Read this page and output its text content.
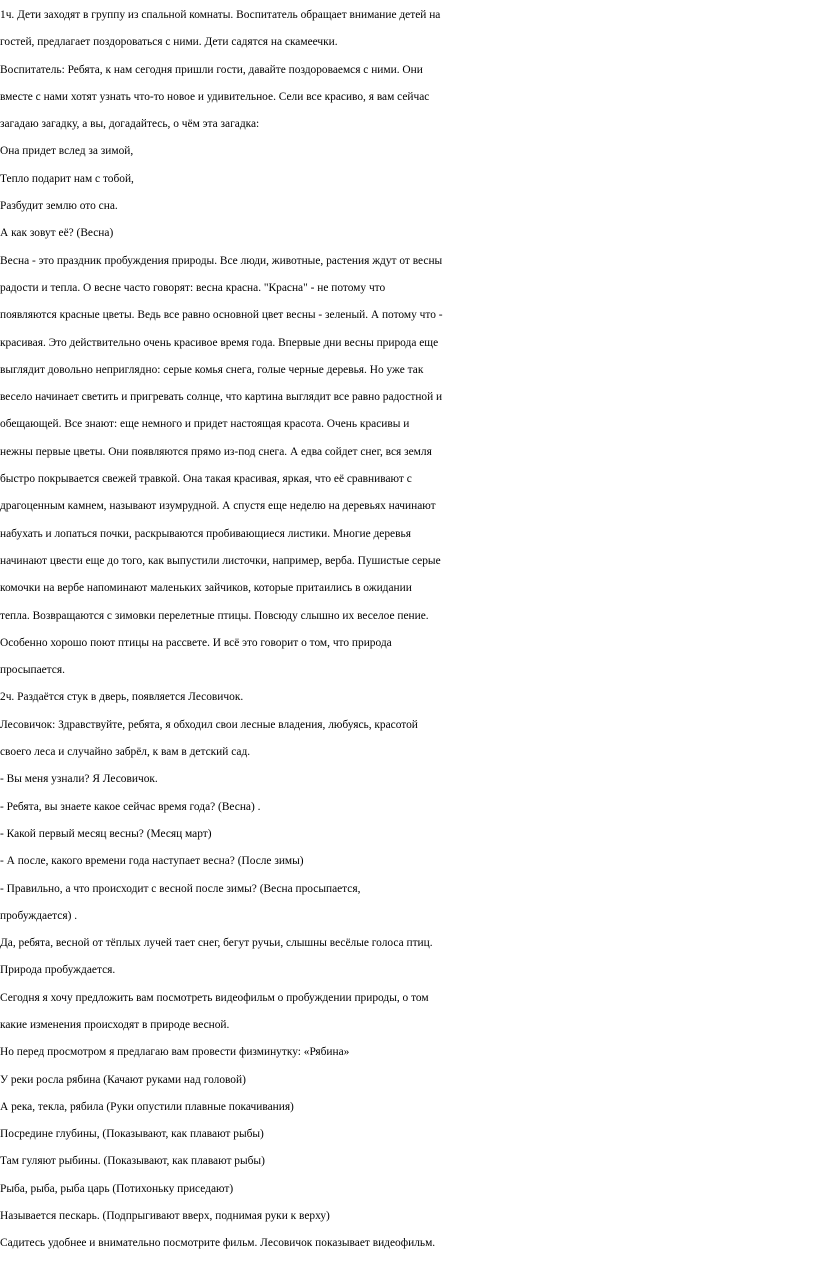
1ч. Дети заходят в группу из спальной комнаты. Воспитатель обращает внимание детей на
гостей, предлагает поздороваться с ними. Дети садятся на скамеечки.
Воспитатель: Ребята, к нам сегодня пришли гости, давайте поздороваемся с ними. Они
вместе с нами хотят узнать что-то новое и удивительное. Сели все красиво, я вам сейчас
загадаю загадку, а вы, догадайтесь, о чём эта загадка:
Она придет вслед за зимой,
Тепло подарит нам с тобой,
Разбудит землю ото сна.
А как зовут её? (Весна)
Весна - это праздник пробуждения природы. Все люди, животные, растения ждут от весны
радости и тепла. О весне часто говорят: весна красна. "Красна" - не потому что
появляются красные цветы. Ведь все равно основной цвет весны - зеленый. А потому что -
красивая. Это действительно очень красивое время года. Впервые дни весны природа еще
выглядит довольно неприглядно: серые комья снега, голые черные деревья. Но уже так
весело начинает светить и пригревать солнце, что картина выглядит все равно радостной и
обещающей. Все знают: еще немного и придет настоящая красота. Очень красивы и
нежны первые цветы. Они появляются прямо из-под снега. А едва сойдет снег, вся земля
быстро покрывается свежей травкой. Она такая красивая, яркая, что её сравнивают с
драгоценным камнем, называют изумрудной. А спустя еще неделю на деревьях начинают
набухать и лопаться почки, раскрываются пробивающиеся листики. Многие деревья
начинают цвести еще до того, как выпустили листочки, например, верба. Пушистые серые
комочки на вербе напоминают маленьких зайчиков, которые притаились в ожидании
тепла. Возвращаются с зимовки перелетные птицы. Повсюду слышно их веселое пение.
Особенно хорошо поют птицы на рассвете. И всё это говорит о том, что природа
просыпается.
2ч. Раздаётся стук в дверь, появляется Лесовичок.
Лесовичок: Здравствуйте, ребята, я обходил свои лесные владения, любуясь, красотой
своего леса и случайно забрёл, к вам в детский сад.
- Вы меня узнали? Я Лесовичок.
- Ребята, вы знаете какое сейчас время года? (Весна) .
- Какой первый месяц весны? (Месяц март)
- А после, какого времени года наступает весна? (После зимы)
- Правильно, а что происходит с весной после зимы? (Весна просыпается,
пробуждается) .
Да, ребята, весной от тёплых лучей тает снег, бегут ручьи, слышны весёлые голоса птиц.
Природа пробуждается.
Сегодня я хочу предложить вам посмотреть видеофильм о пробуждении природы, о том
какие изменения происходят в природе весной.
Но перед просмотром я предлагаю вам провести физминутку: «Рябина»
У реки росла рябина (Качают руками над головой)
А река, текла, рябила (Руки опустили плавные покачивания)
Посредине глубины, (Показывают, как плавают рыбы)
Там гуляют рыбины. (Показывают, как плавают рыбы)
Рыба, рыба, рыба царь (Потихоньку приседают)
Называется пескарь. (Подпрыгивают вверх, поднимая руки к верху)
Садитесь удобнее и внимательно посмотрите фильм. Лесовичок показывает видеофильм.
